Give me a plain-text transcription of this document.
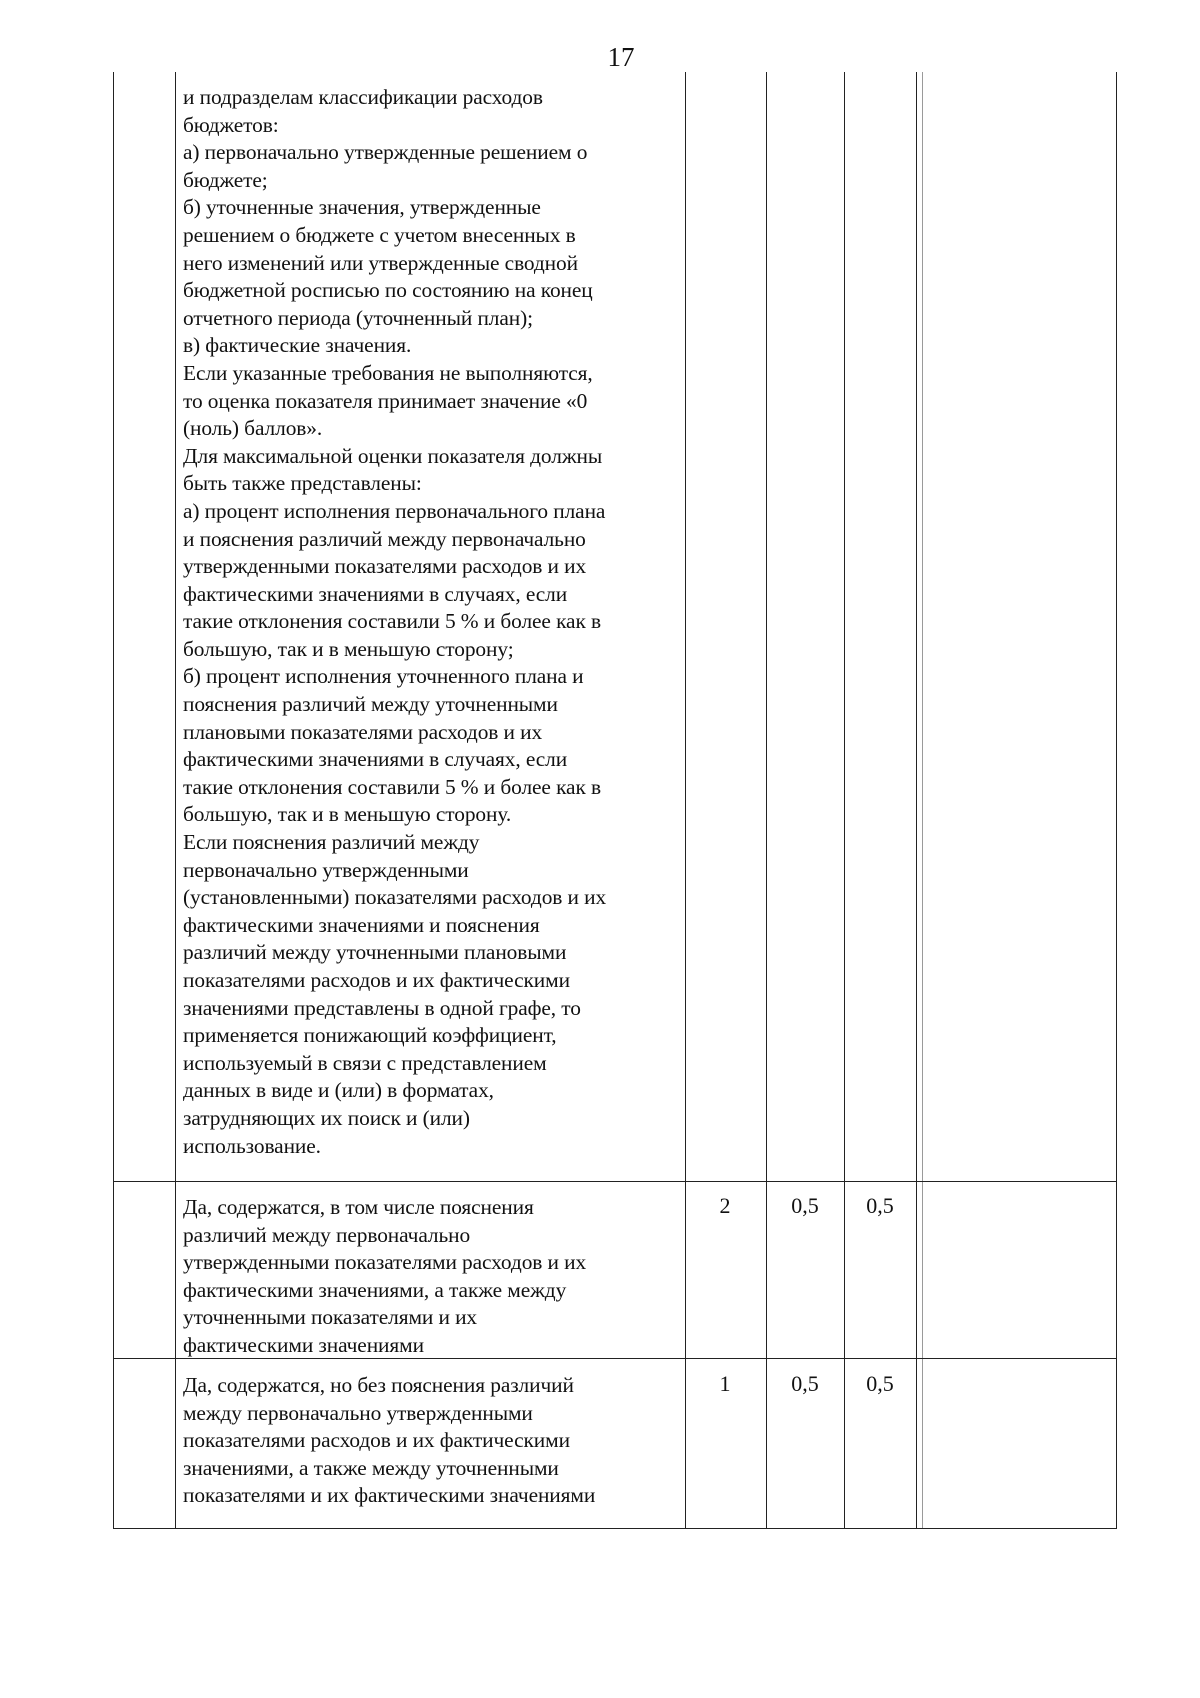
17
и подразделам классификации расходов
бюджетов:
а) первоначально утвержденные решением о
бюджете;
б) уточненные значения, утвержденные
решением о бюджете с учетом внесенных в
него изменений или утвержденные сводной
бюджетной росписью по состоянию на конец
отчетного периода (уточненный план);
в) фактические значения.
Если указанные требования не выполняются,
то оценка показателя принимает значение «0
(ноль) баллов».
Для максимальной оценки показателя должны
быть также представлены:
а) процент исполнения первоначального плана
и пояснения различий между первоначально
утвержденными показателями расходов и их
фактическими значениями в случаях, если
такие отклонения составили 5 % и более как в
большую, так и в меньшую сторону;
б) процент исполнения уточненного плана и
пояснения различий между уточненными
плановыми показателями расходов и их
фактическими значениями в случаях, если
такие отклонения составили 5 % и более как в
большую, так и в меньшую сторону.
Если пояснения различий между
первоначально утвержденными
(установленными) показателями расходов и их
фактическими значениями и пояснения
различий между уточненными плановыми
показателями расходов и их фактическими
значениями представлены в одной графе, то
применяется понижающий коэффициент,
используемый в связи с представлением
данных в виде и (или) в форматах,
затрудняющих их поиск и (или)
использование.
Да, содержатся, в том числе пояснения
различий между первоначально
утвержденными показателями расходов и их
фактическими значениями, а также между
уточненными показателями и их
фактическими значениями
2	0,5	0,5
Да, содержатся, но без пояснения различий
между первоначально утвержденными
показателями расходов и их фактическими
значениями, а также между уточненными
показателями и их фактическими значениями
1	0,5	0,5
